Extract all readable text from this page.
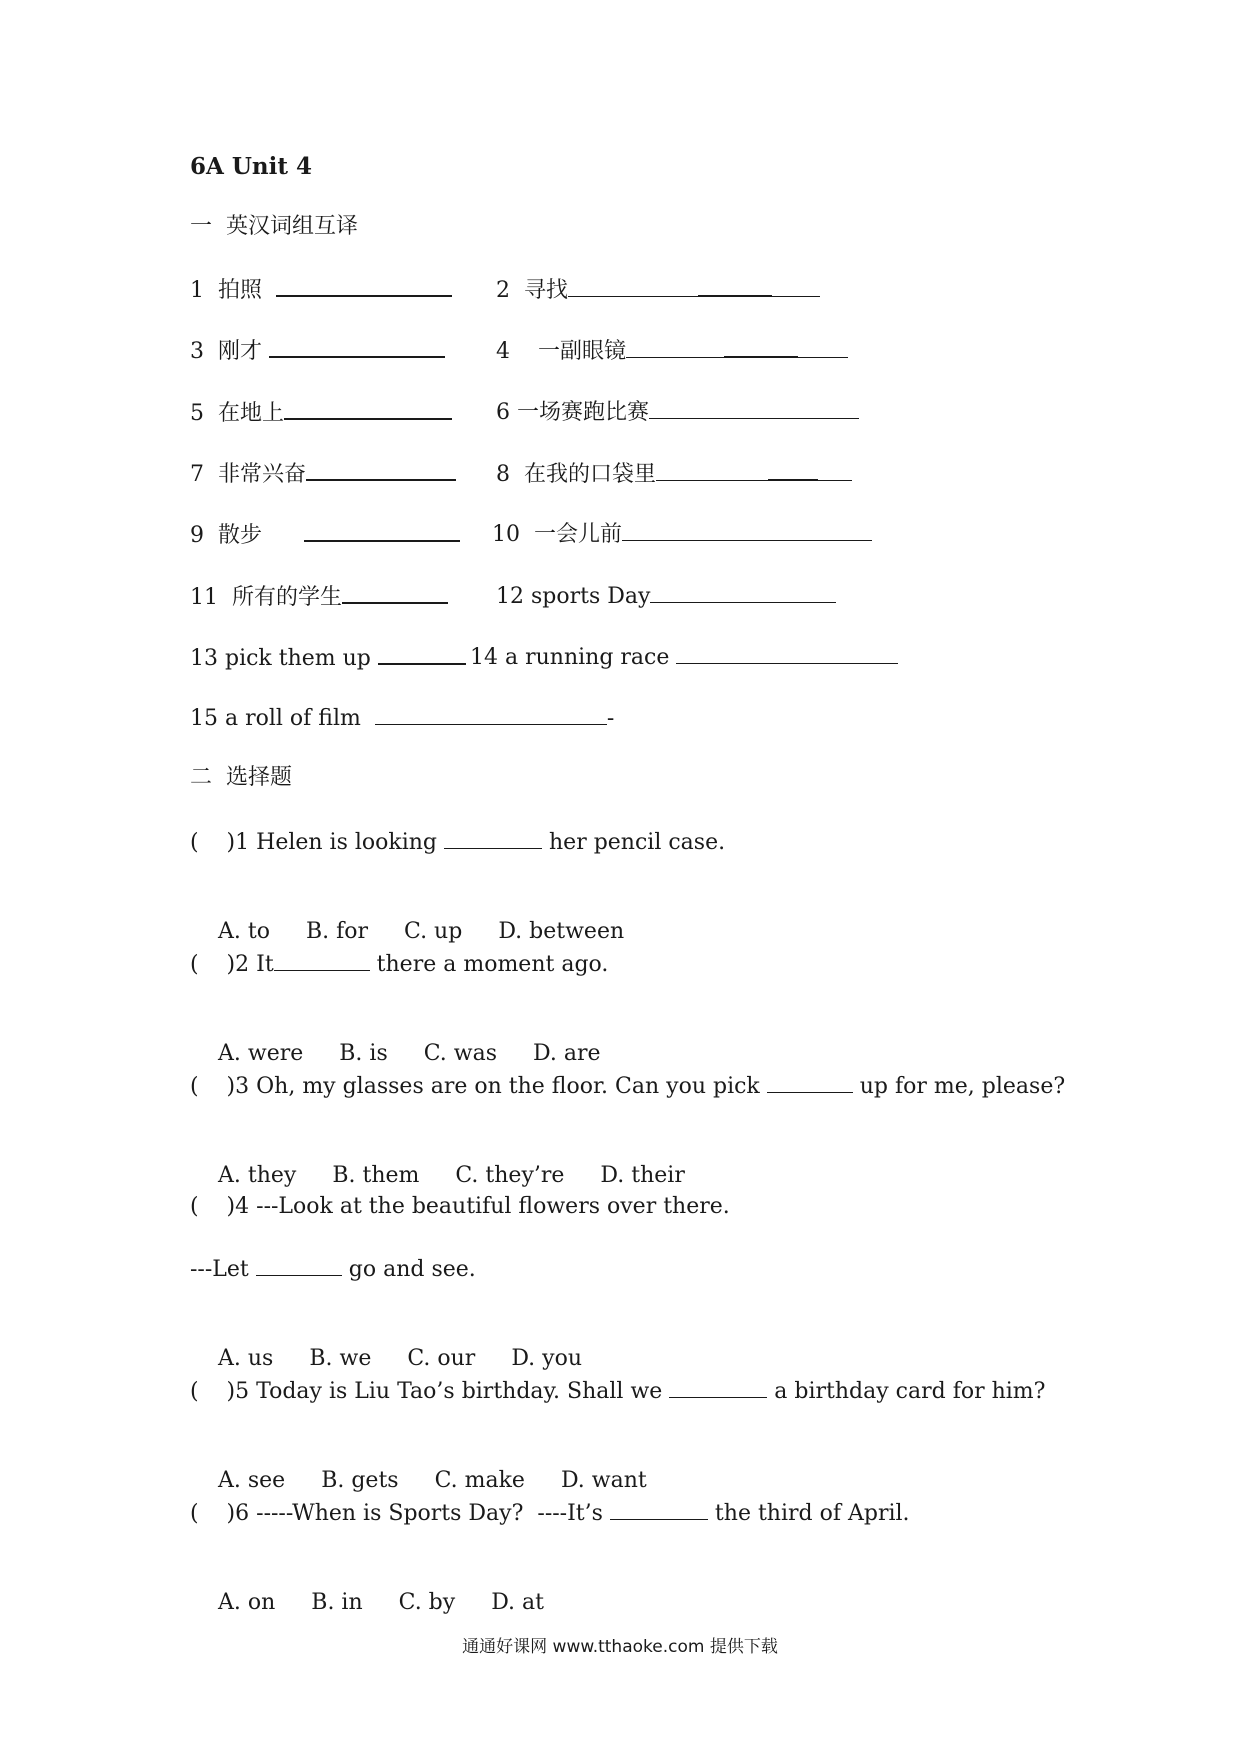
6A Unit 4
一  英汉词组互译
1  拍照	2  寻找
3  刚才	4    一副眼镜
5  在地上	6 一场赛跑比赛
7  非常兴奋	8  在我的口袋里
9  散步	10  一会儿前
11  所有的学生	12 sports Day
13 pick them up	14 a running race
15 a roll of film	-
二  选择题
(    )1 Helen is looking	her pencil case.

A. to B. for C. up D. between

(    )2 It	there a moment ago.

A. were B. is C. was D. are

(    )3 Oh, my glasses are on the floor. Can you pick	up for me, please?

A. they B. them C. they’re D. their

(    )4 ---Look at the beautiful flowers over there.
---Let	go and see.

A. us B. we C. our D. you

(    )5 Today is Liu Tao’s birthday. Shall we	a birthday card for him?

A. see B. gets C. make D. want

(    )6 -----When is Sports Day?  ----It’s	the third of April.

A. on B. in C. by D. at

通通好课网 www.tthaoke.com 提供下载
